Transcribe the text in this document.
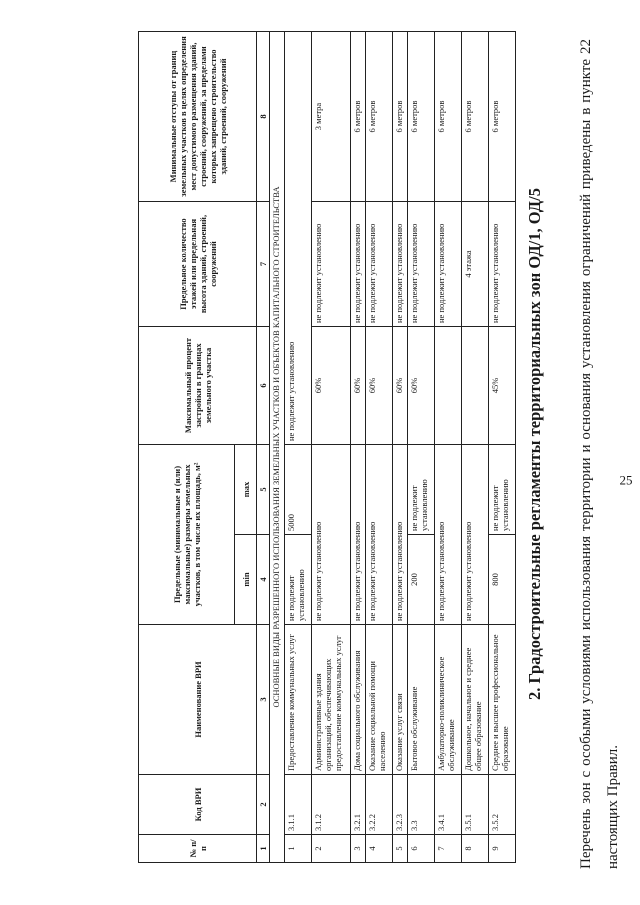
25

Перечень зон с особыми условиями использования территории и основания установления ограничений приведены в пункте 22 настоящих Правил.

2. Градостроительные регламенты территориальных зон ОД/1, ОД/5
№ п/п	Код ВРИ	Наименование ВРИ	Предельные (минимальные и (или) максимальные) размеры земельных участков, в том числе их площадь, м²		Максимальный процент застройки в границах земельного участка	Предельное количество этажей или предельная высота зданий, строений, сооружений	Минимальные отступы от границ земельных участков в целях определения мест допустимого размещения зданий, строений, сооружений, за пределами которых запрещено строительство зданий, строений, сооружений
			min	max			
1	2	3	4	5	6	7	8
ОСНОВНЫЕ ВИДЫ РАЗРЕШЕННОГО ИСПОЛЬЗОВАНИЯ ЗЕМЕЛЬНЫХ УЧАСТКОВ И ОБЪЕКТОВ КАПИТАЛЬНОГО СТРОИТЕЛЬСТВА							
1	3.1.1	Предоставление коммунальных услуг	не подлежит установлению	5000	не подлежит установлению		
2	3.1.2	Административные здания организаций, обеспечивающих предоставление коммунальных услуг	не подлежит установлению		60%	не подлежит установлению	3 метра
3	3.2.1	Дома социального обслуживания	не подлежит установлению		60%	не подлежит установлению	6 метров
4	3.2.2	Оказание социальной помощи населению	не подлежит установлению		60%	не подлежит установлению	6 метров
5	3.2.3	Оказание услуг связи	не подлежит установлению		60%	не подлежит установлению	6 метров
6	3.3	Бытовое обслуживание	200	не подлежит установлению	60%	не подлежит установлению	6 метров
7	3.4.1	Амбулаторно-поликлиническое обслуживание	не подлежит установлению			не подлежит установлению	6 метров
8	3.5.1	Дошкольное, начальное и среднее общее образование	не подлежит установлению			4 этажа	6 метров
9	3.5.2	Среднее и высшее профессиональное образование	800	не подлежит установлению	45%	не подлежит установлению	6 метров
